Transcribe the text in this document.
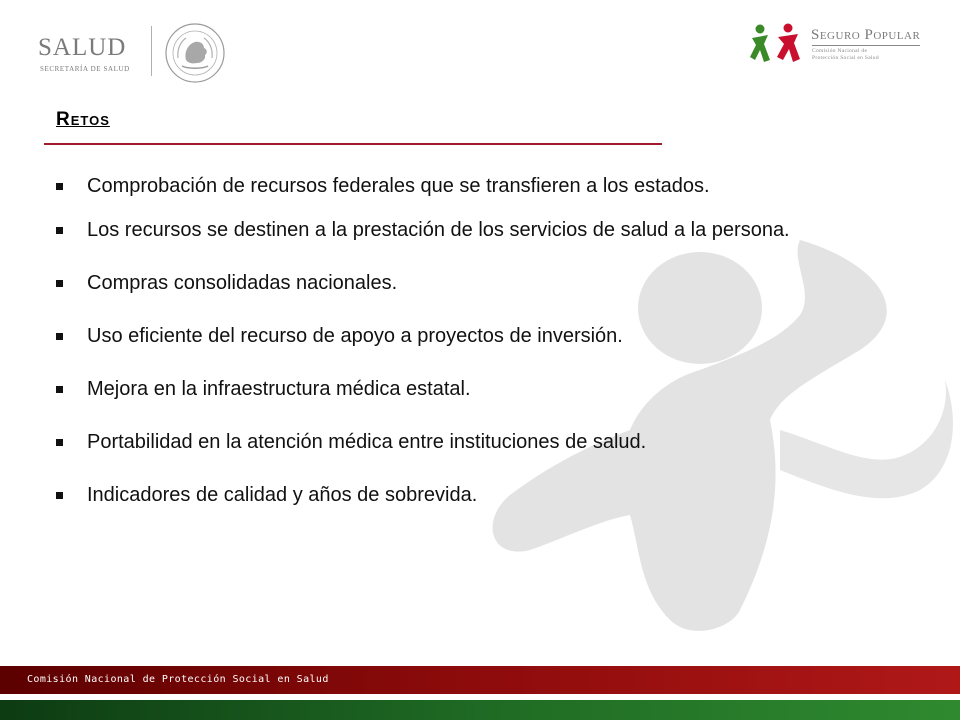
SALUD
SECRETARÍA DE SALUD
Seguro Popular
Comisión Nacional de
Protección Social en Salud
Retos
Comprobación de recursos federales que se transfieren a los estados.
Los recursos se destinen a la prestación de los servicios de salud a la persona.
Compras consolidadas nacionales.
Uso eficiente del recurso de apoyo a proyectos de inversión.
Mejora en la infraestructura médica estatal.
Portabilidad en la atención médica entre instituciones de salud.
Indicadores de calidad y años de sobrevida.
Comisión Nacional de Protección Social en Salud
